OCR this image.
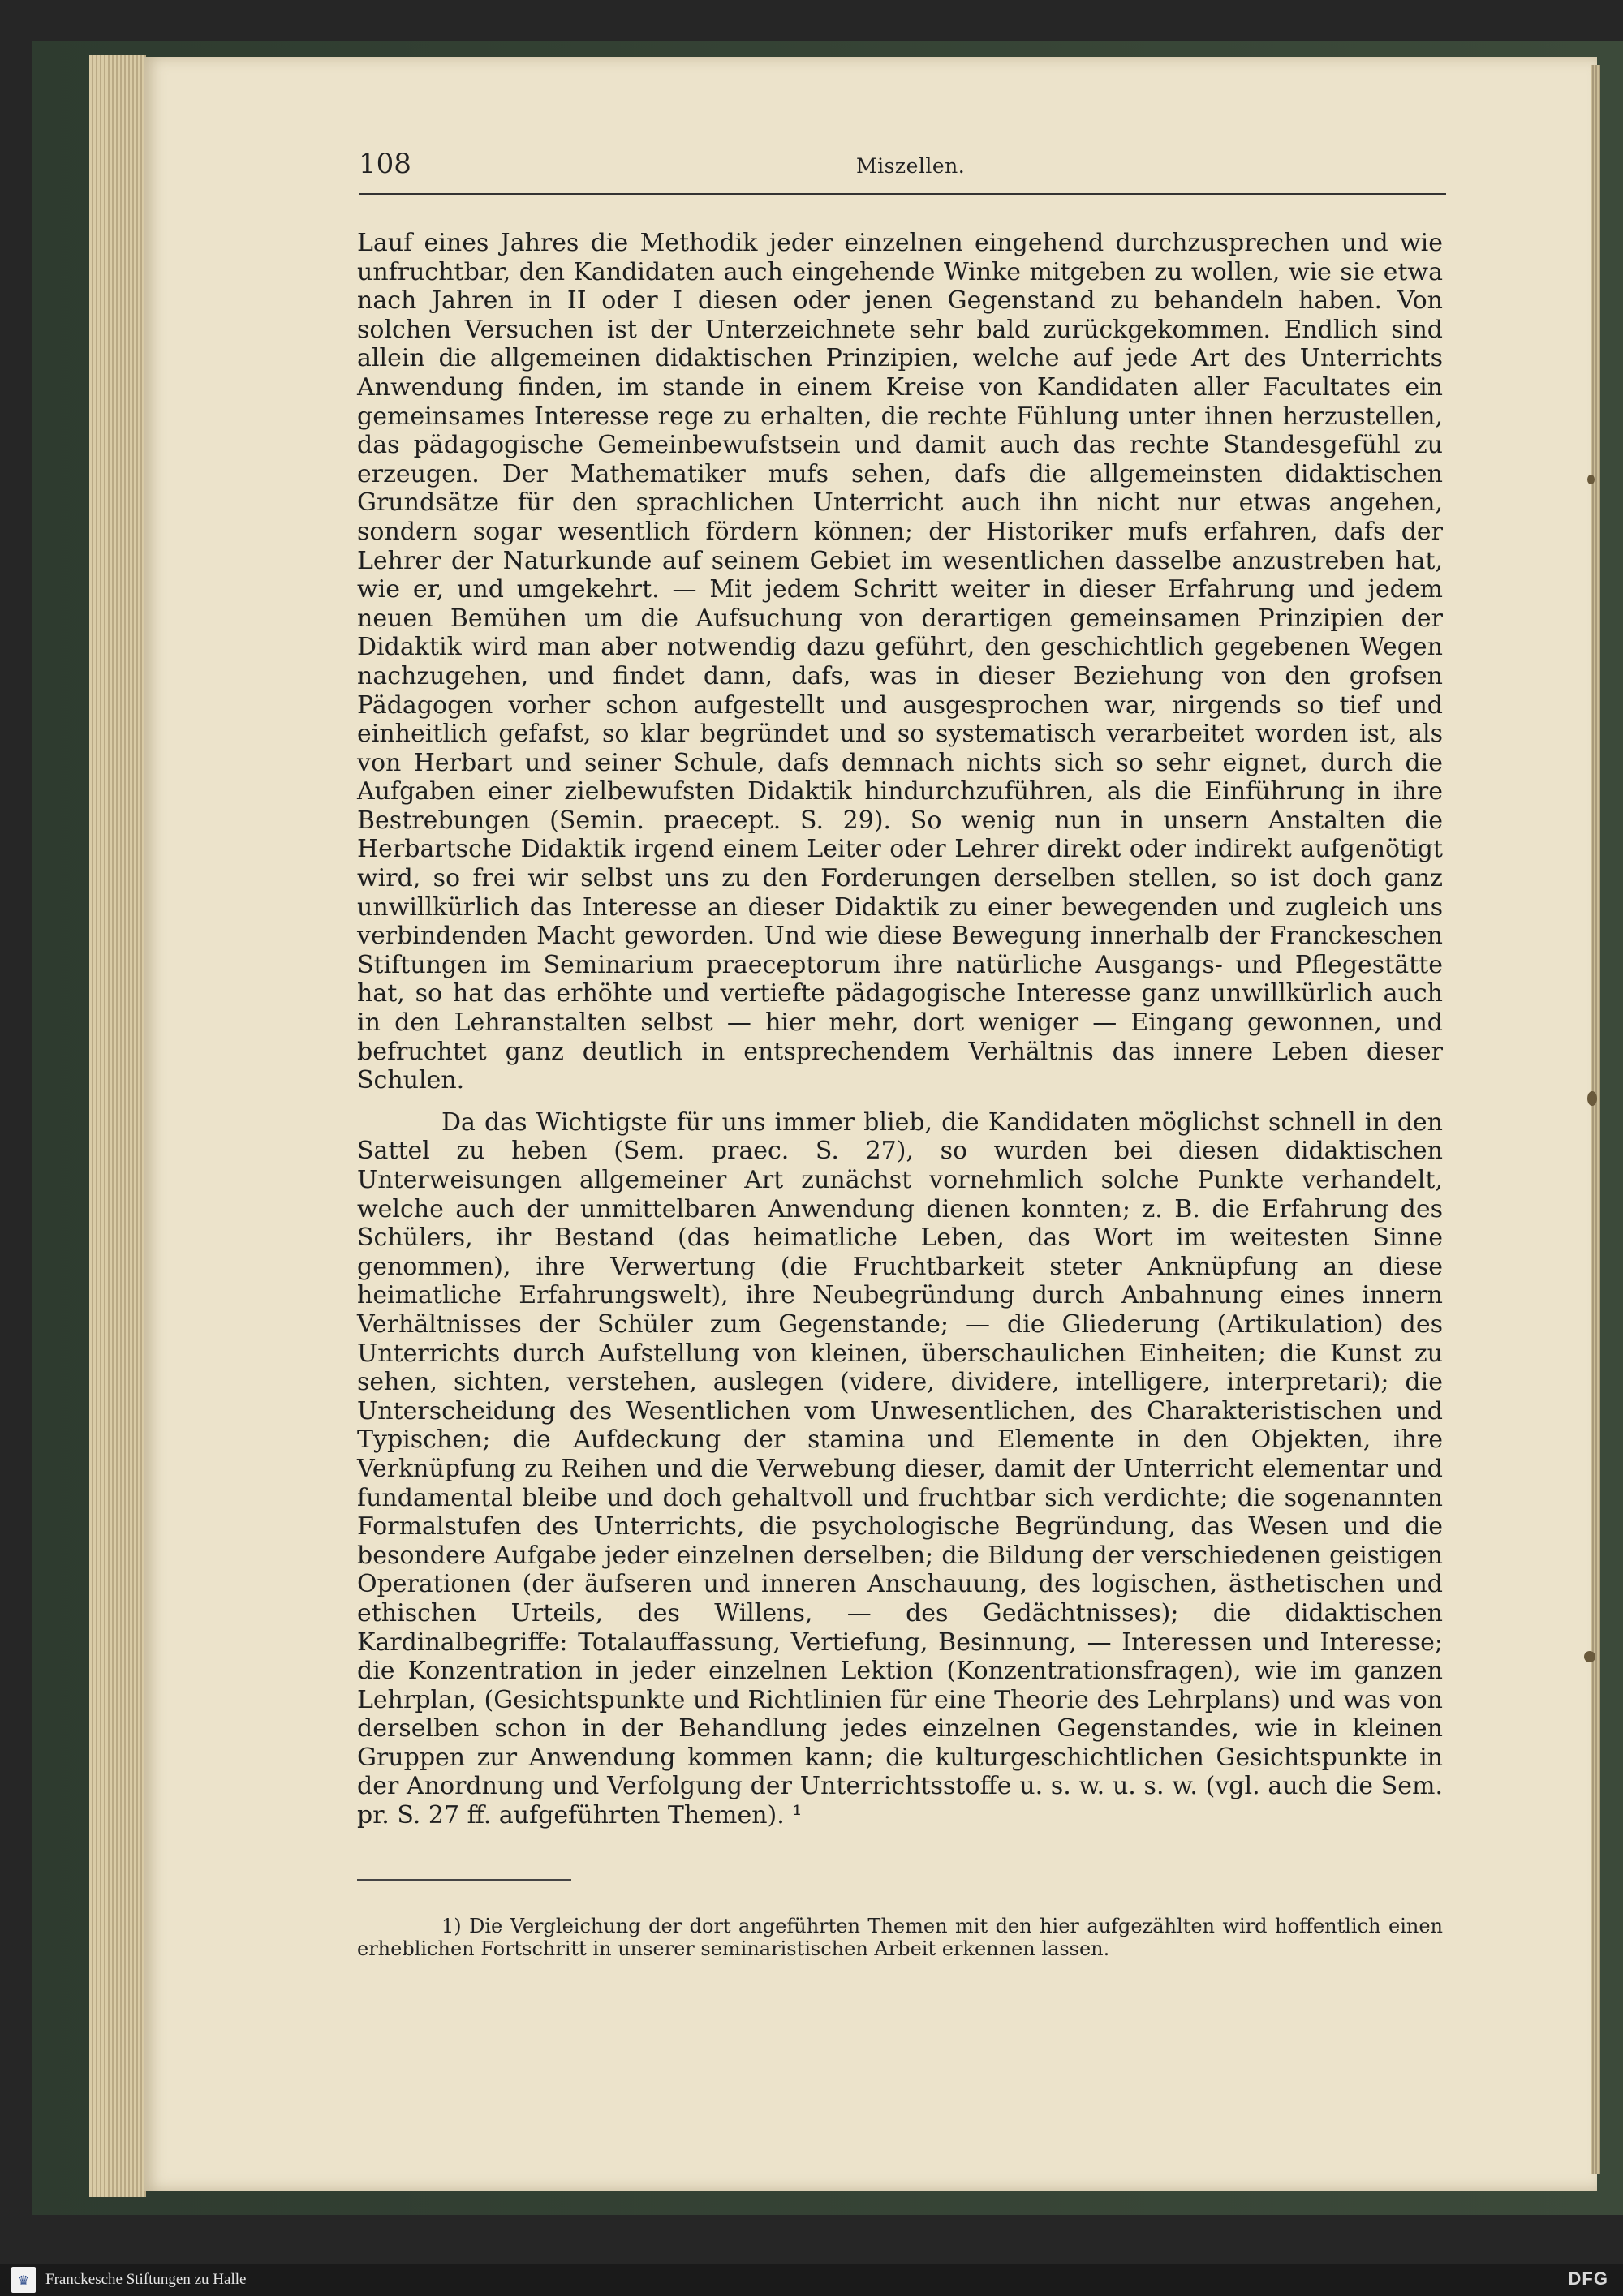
108	Miszellen.

Lauf eines Jahres die Methodik jeder einzelnen eingehend durchzusprechen und wie unfruchtbar, den Kandidaten auch eingehende Winke mitgeben zu wollen, wie sie etwa nach Jahren in II oder I diesen oder jenen Gegenstand zu behandeln haben. Von solchen Versuchen ist der Unterzeichnete sehr bald zurückgekommen. Endlich sind allein die allgemeinen didaktischen Prinzipien, welche auf jede Art des Unterrichts Anwendung finden, im stande in einem Kreise von Kandidaten aller Facultates ein gemeinsames Interesse rege zu erhalten, die rechte Fühlung unter ihnen herzustellen, das pädagogische Gemeinbewufstsein und damit auch das rechte Standesgefühl zu erzeugen. Der Mathematiker mufs sehen, dafs die allgemeinsten didaktischen Grundsätze für den sprachlichen Unterricht auch ihn nicht nur etwas angehen, sondern sogar wesentlich fördern können; der Historiker mufs erfahren, dafs der Lehrer der Naturkunde auf seinem Gebiet im wesentlichen dasselbe anzustreben hat, wie er, und umgekehrt. — Mit jedem Schritt weiter in dieser Erfahrung und jedem neuen Bemühen um die Aufsuchung von derartigen gemeinsamen Prinzipien der Didaktik wird man aber notwendig dazu geführt, den geschichtlich gegebenen Wegen nachzugehen, und findet dann, dafs, was in dieser Beziehung von den grofsen Pädagogen vorher schon aufgestellt und ausgesprochen war, nirgends so tief und einheitlich gefafst, so klar begründet und so systematisch verarbeitet worden ist, als von Herbart und seiner Schule, dafs demnach nichts sich so sehr eignet, durch die Aufgaben einer zielbewufsten Didaktik hindurchzuführen, als die Einführung in ihre Bestrebungen (Semin. praecept. S. 29). So wenig nun in unsern Anstalten die Herbartsche Didaktik irgend einem Leiter oder Lehrer direkt oder indirekt aufgenötigt wird, so frei wir selbst uns zu den Forderungen derselben stellen, so ist doch ganz unwillkürlich das Interesse an dieser Didaktik zu einer bewegenden und zugleich uns verbindenden Macht geworden. Und wie diese Bewegung innerhalb der Franckeschen Stiftungen im Seminarium praeceptorum ihre natürliche Ausgangs- und Pflegestätte hat, so hat das erhöhte und vertiefte pädagogische Interesse ganz unwillkürlich auch in den Lehranstalten selbst — hier mehr, dort weniger — Eingang gewonnen, und befruchtet ganz deutlich in entsprechendem Verhältnis das innere Leben dieser Schulen.

Da das Wichtigste für uns immer blieb, die Kandidaten möglichst schnell in den Sattel zu heben (Sem. praec. S. 27), so wurden bei diesen didaktischen Unterweisungen allgemeiner Art zunächst vornehmlich solche Punkte verhandelt, welche auch der unmittelbaren Anwendung dienen konnten; z. B. die Erfahrung des Schülers, ihr Bestand (das heimatliche Leben, das Wort im weitesten Sinne genommen), ihre Verwertung (die Fruchtbarkeit steter Anknüpfung an diese heimatliche Erfahrungswelt), ihre Neubegründung durch Anbahnung eines innern Verhältnisses der Schüler zum Gegenstande; — die Gliederung (Artikulation) des Unterrichts durch Aufstellung von kleinen, überschaulichen Einheiten; die Kunst zu sehen, sichten, verstehen, auslegen (videre, dividere, intelligere, interpretari); die Unterscheidung des Wesentlichen vom Unwesentlichen, des Charakteristischen und Typischen; die Aufdeckung der stamina und Elemente in den Objekten, ihre Verknüpfung zu Reihen und die Verwebung dieser, damit der Unterricht elementar und fundamental bleibe und doch gehaltvoll und fruchtbar sich verdichte; die sogenannten Formalstufen des Unterrichts, die psychologische Begründung, das Wesen und die besondere Aufgabe jeder einzelnen derselben; die Bildung der verschiedenen geistigen Operationen (der äufseren und inneren Anschauung, des logischen, ästhetischen und ethischen Urteils, des Willens, — des Gedächtnisses); die didaktischen Kardinalbegriffe: Totalauffassung, Vertiefung, Besinnung, — Interessen und Interesse; die Konzentration in jeder einzelnen Lektion (Konzentrationsfragen), wie im ganzen Lehrplan, (Gesichtspunkte und Richtlinien für eine Theorie des Lehrplans) und was von derselben schon in der Behandlung jedes einzelnen Gegenstandes, wie in kleinen Gruppen zur Anwendung kommen kann; die kulturgeschichtlichen Gesichtspunkte in der Anordnung und Verfolgung der Unterrichtsstoffe u. s. w. u. s. w. (vgl. auch die Sem. pr. S. 27 ff. aufgeführten Themen). ¹

1) Die Vergleichung der dort angeführten Themen mit den hier aufgezählten wird hoffentlich einen erheblichen Fortschritt in unserer seminaristischen Arbeit erkennen lassen.
♛	Franckesche Stiftungen zu Halle	DFG
